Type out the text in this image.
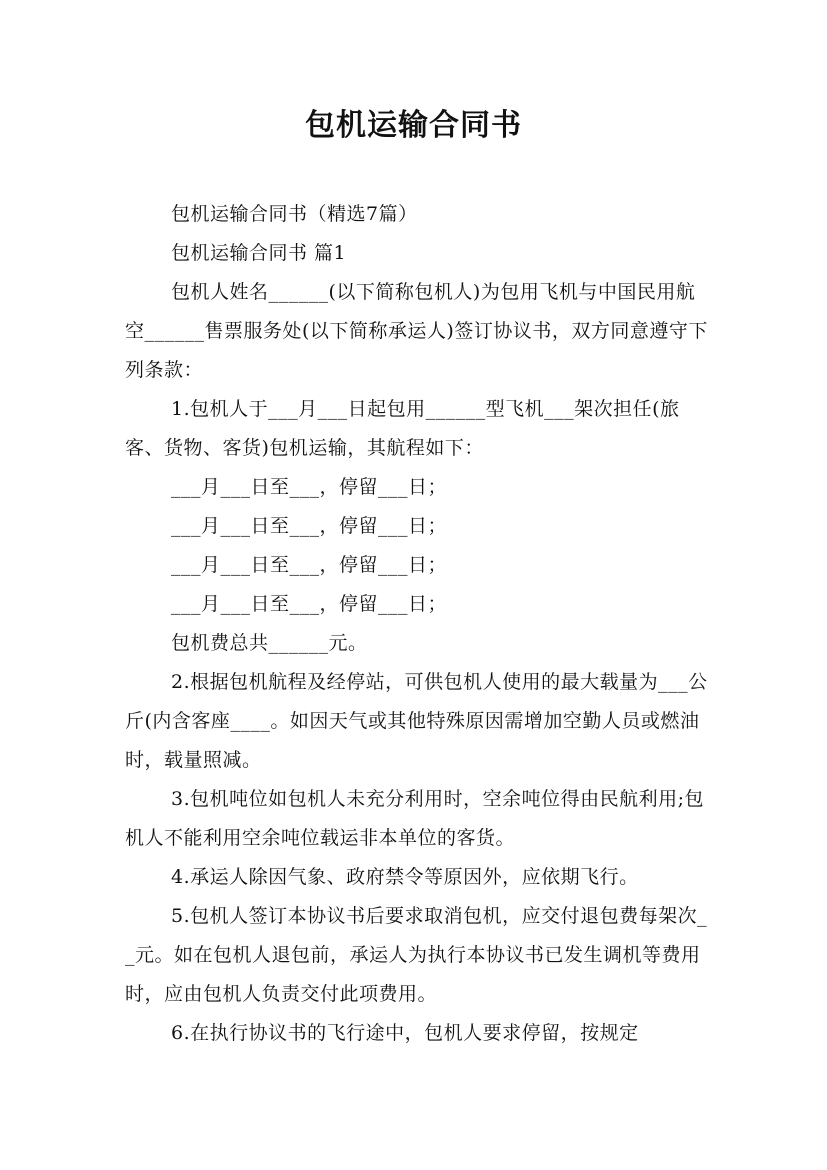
包机运输合同书

包机运输合同书（精选7篇）

包机运输合同书 篇1

包机人姓名______(以下简称包机人)为包用飞机与中国民用航空______售票服务处(以下简称承运人)签订协议书，双方同意遵守下列条款：

1.包机人于___月___日起包用______型飞机___架次担任(旅客、货物、客货)包机运输，其航程如下：

___月___日至___，停留___日；

___月___日至___，停留___日；

___月___日至___，停留___日；

___月___日至___，停留___日；

包机费总共______元。

2.根据包机航程及经停站，可供包机人使用的最大载量为___公斤(内含客座____。如因天气或其他特殊原因需增加空勤人员或燃油时，载量照减。

3.包机吨位如包机人未充分利用时，空余吨位得由民航利用;包机人不能利用空余吨位载运非本单位的客货。

4.承运人除因气象、政府禁令等原因外，应依期飞行。

5.包机人签订本协议书后要求取消包机，应交付退包费每架次__元。如在包机人退包前，承运人为执行本协议书已发生调机等费用时，应由包机人负责交付此项费用。

6.在执行协议书的飞行途中，包机人要求停留，按规定
